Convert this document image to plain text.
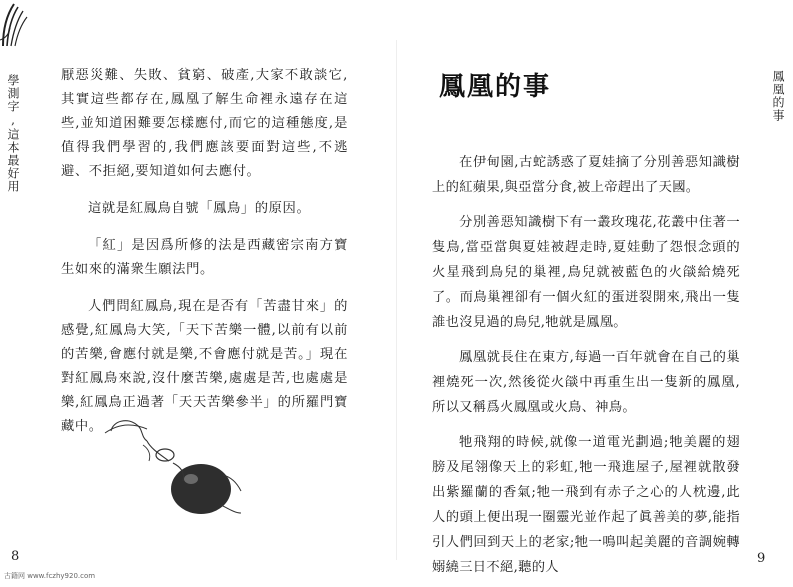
學測字,這本最好用	厭惡災難、失敗、貧窮、破產,大家不敢談它,其實這些都存在,鳳凰了解生命裡永遠存在這些,並知道困難要怎樣應付,而它的這種態度,是值得我們學習的,我們應該要面對這些,不逃避、不拒絕,要知道如何去應付。

這就是紅鳳鳥自號「鳳鳥」的原因。

「紅」是因爲所修的法是西藏密宗南方寶生如來的滿衆生願法門。

人們問紅鳳鳥,現在是否有「苦盡甘來」的感覺,紅鳳鳥大笑,「天下苦樂一體,以前有以前的苦樂,會應付就是樂,不會應付就是苦。」現在對紅鳳鳥來說,沒什麼苦樂,處處是苦,也處處是樂,紅鳳鳥正過著「天天苦樂參半」的所羅門寶藏中。

8
鳳凰的事
鳳凰的事

在伊甸園,古蛇誘惑了夏娃摘了分別善惡知識樹上的紅蘋果,與亞當分食,被上帝趕出了天國。

分別善惡知識樹下有一叢玫瑰花,花叢中住著一隻鳥,當亞當與夏娃被趕走時,夏娃動了怨恨念頭的火星飛到鳥兒的巢裡,鳥兒就被藍色的火燄給燒死了。而鳥巢裡卻有一個火紅的蛋迸裂開來,飛出一隻誰也沒見過的鳥兒,牠就是鳳凰。

鳳凰就長住在東方,每過一百年就會在自己的巢裡燒死一次,然後從火燄中再重生出一隻新的鳳凰,所以又稱爲火鳳凰或火鳥、神鳥。

牠飛翔的時候,就像一道電光劃過;牠美麗的翅膀及尾翎像天上的彩虹,牠一飛進屋子,屋裡就散發出紫羅蘭的香氣;牠一飛到有赤子之心的人枕邊,此人的頭上便出現一圈靈光並作起了眞善美的夢,能指引人們回到天上的老家;牠一鳴叫起美麗的音調婉轉嫋繞三日不絕,聽的人

9
古籍网 www.fczhy920.com
